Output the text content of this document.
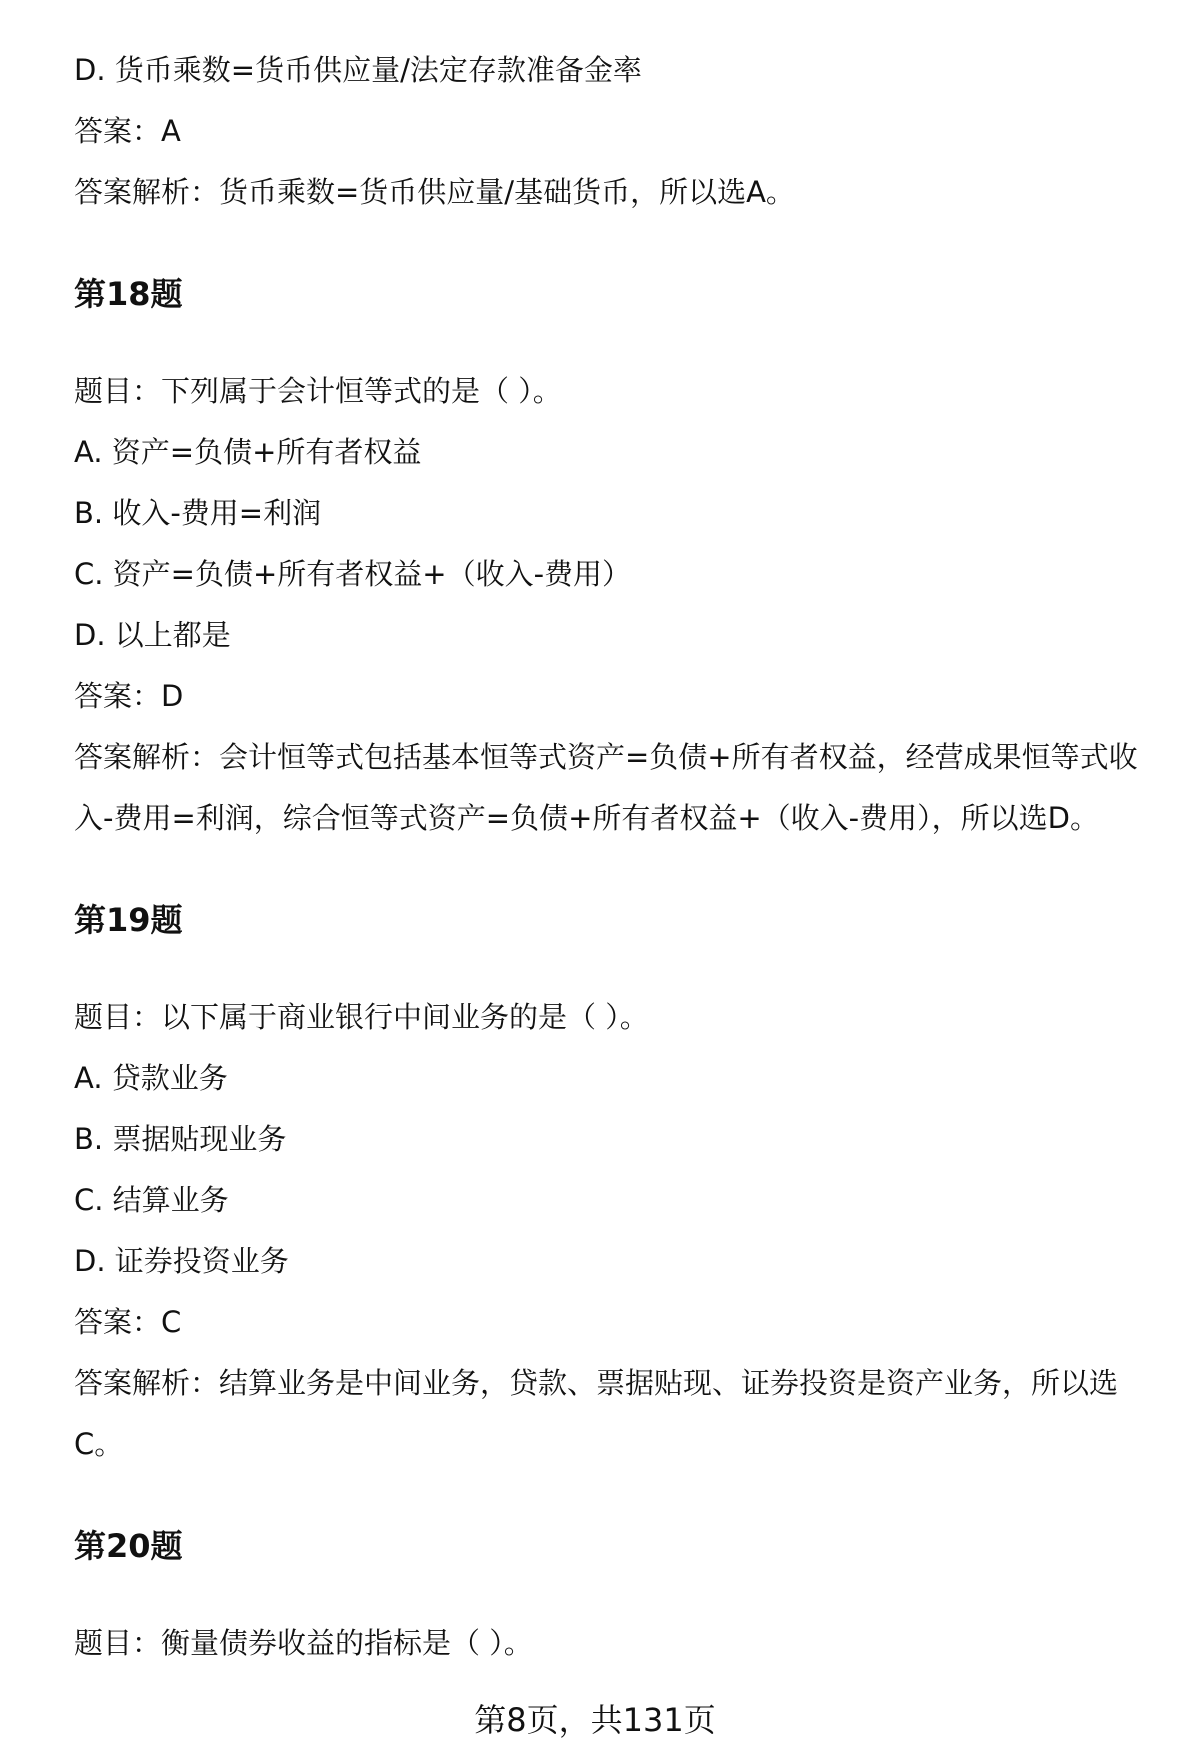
D. 货币乘数=货币供应量/法定存款准备金率

答案：A

答案解析：货币乘数=货币供应量/基础货币，所以选A。

第18题

题目：下列属于会计恒等式的是（ ）。

A. 资产=负债+所有者权益

B. 收入-费用=利润

C. 资产=负债+所有者权益+（收入-费用）

D. 以上都是

答案：D

答案解析：会计恒等式包括基本恒等式资产=负债+所有者权益，经营成果恒等式收

入-费用=利润，综合恒等式资产=负债+所有者权益+（收入-费用），所以选D。

第19题

题目：以下属于商业银行中间业务的是（ ）。

A. 贷款业务

B. 票据贴现业务

C. 结算业务

D. 证券投资业务

答案：C

答案解析：结算业务是中间业务，贷款、票据贴现、证券投资是资产业务，所以选

C。

第20题

题目：衡量债券收益的指标是（ ）。

第8页，共131页
